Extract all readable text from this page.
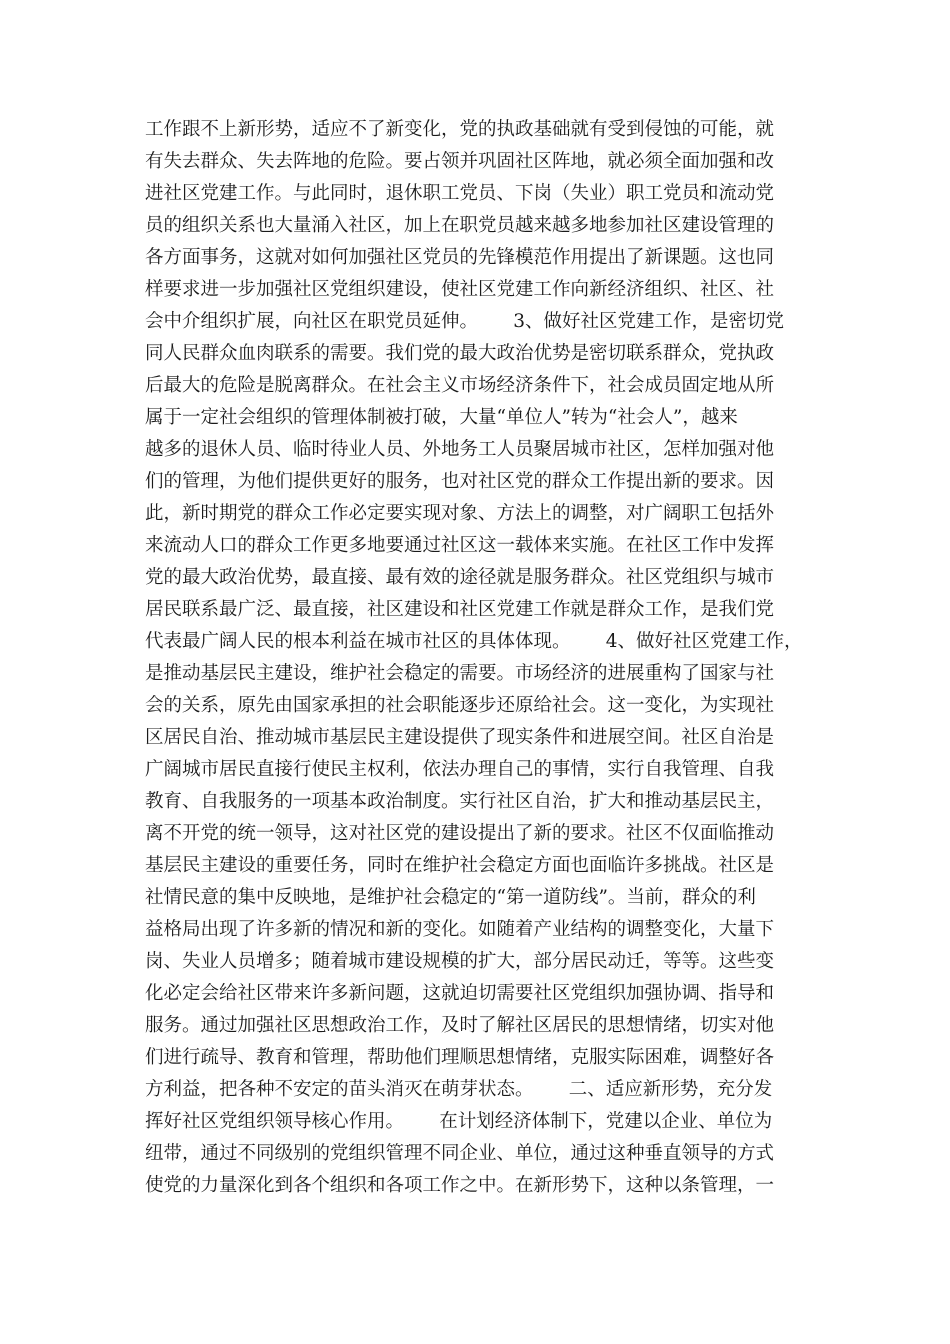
工作跟不上新形势，适应不了新变化，党的执政基础就有受到侵蚀的可能，就
有失去群众、失去阵地的危险。要占领并巩固社区阵地，就必须全面加强和改
进社区党建工作。与此同时，退休职工党员、下岗（失业）职工党员和流动党
员的组织关系也大量涌入社区，加上在职党员越来越多地参加社区建设管理的
各方面事务，这就对如何加强社区党员的先锋模范作用提出了新课题。这也同
样要求进一步加强社区党组织建设，使社区党建工作向新经济组织、社区、社
会中介组织扩展，向社区在职党员延伸。      3、做好社区党建工作，是密切党
同人民群众血肉联系的需要。我们党的最大政治优势是密切联系群众，党执政
后最大的危险是脱离群众。在社会主义市场经济条件下，社会成员固定地从所
属于一定社会组织的管理体制被打破，大量“单位人”转为“社会人”，越来
越多的退休人员、临时待业人员、外地务工人员聚居城市社区，怎样加强对他
们的管理，为他们提供更好的服务，也对社区党的群众工作提出新的要求。因
此，新时期党的群众工作必定要实现对象、方法上的调整，对广阔职工包括外
来流动人口的群众工作更多地要通过社区这一载体来实施。在社区工作中发挥
党的最大政治优势，最直接、最有效的途径就是服务群众。社区党组织与城市
居民联系最广泛、最直接，社区建设和社区党建工作就是群众工作，是我们党
代表最广阔人民的根本利益在城市社区的具体体现。      4、做好社区党建工作，
是推动基层民主建设，维护社会稳定的需要。市场经济的进展重构了国家与社
会的关系，原先由国家承担的社会职能逐步还原给社会。这一变化，为实现社
区居民自治、推动城市基层民主建设提供了现实条件和进展空间。社区自治是
广阔城市居民直接行使民主权利，依法办理自己的事情，实行自我管理、自我
教育、自我服务的一项基本政治制度。实行社区自治，扩大和推动基层民主，
离不开党的统一领导，这对社区党的建设提出了新的要求。社区不仅面临推动
基层民主建设的重要任务，同时在维护社会稳定方面也面临许多挑战。社区是
社情民意的集中反映地，是维护社会稳定的“第一道防线”。当前，群众的利
益格局出现了许多新的情况和新的变化。如随着产业结构的调整变化，大量下
岗、失业人员增多；随着城市建设规模的扩大，部分居民动迁，等等。这些变
化必定会给社区带来许多新问题，这就迫切需要社区党组织加强协调、指导和
服务。通过加强社区思想政治工作，及时了解社区居民的思想情绪，切实对他
们进行疏导、教育和管理，帮助他们理顺思想情绪，克服实际困难，调整好各
方利益，把各种不安定的苗头消灭在萌芽状态。      二、适应新形势，充分发
挥好社区党组织领导核心作用。      在计划经济体制下，党建以企业、单位为
纽带，通过不同级别的党组织管理不同企业、单位，通过这种垂直领导的方式
使党的力量深化到各个组织和各项工作之中。在新形势下，这种以条管理，一
